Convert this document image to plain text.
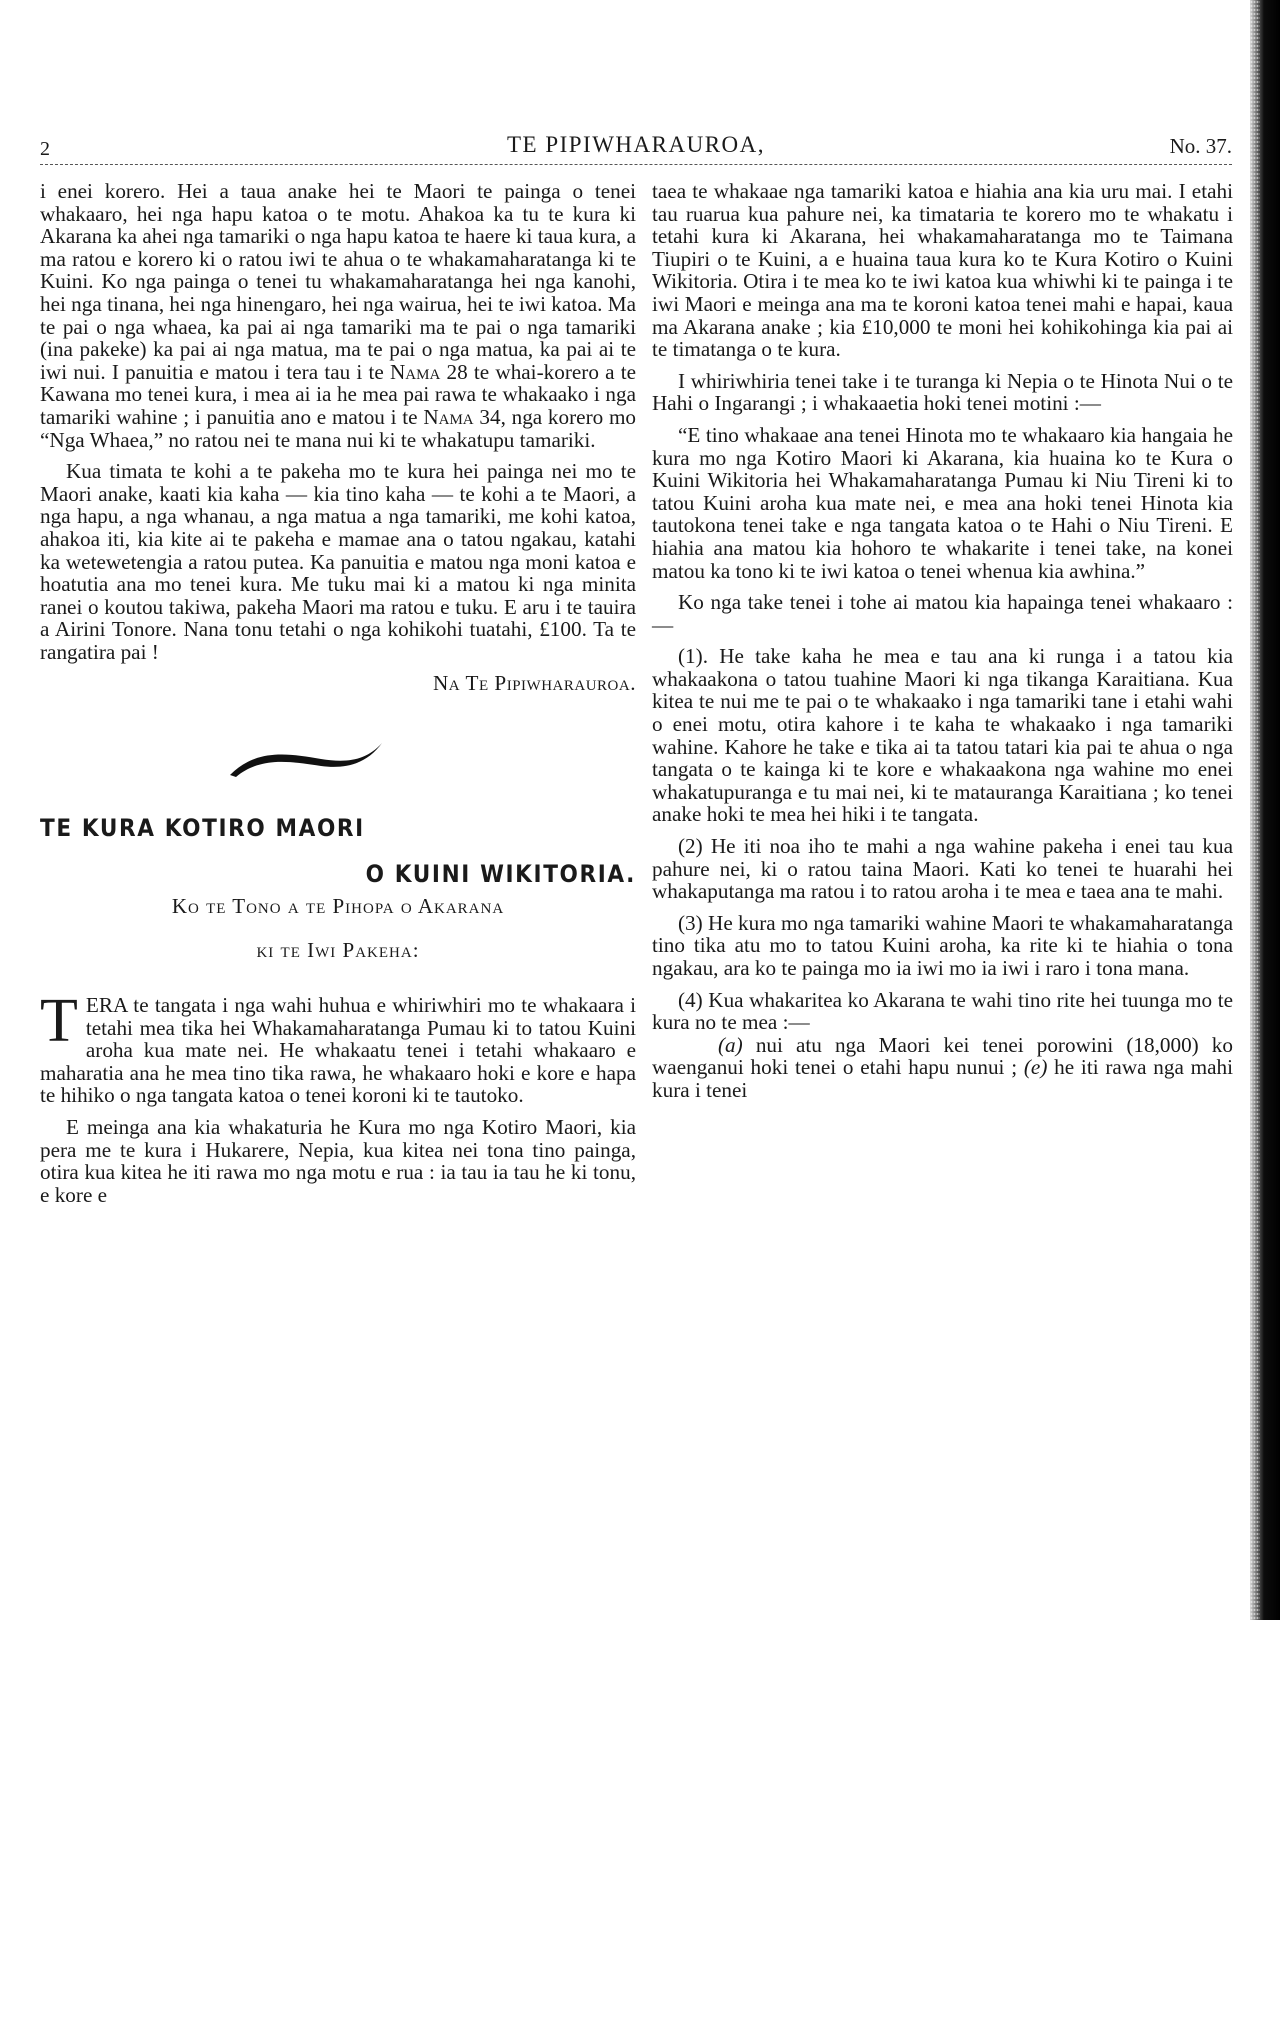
2	TE PIPIWHARAUROA,	No. 37.

i enei korero. Hei a taua anake hei te Maori te painga o tenei whakaaro, hei nga hapu katoa o te motu. Ahakoa ka tu te kura ki Akarana ka ahei nga tamariki o nga hapu katoa te haere ki taua kura, a ma ratou e korero ki o ratou iwi te ahua o te whakamaharatanga ki te Kuini. Ko nga painga o tenei tu whakamaharatanga hei nga kanohi, hei nga tinana, hei nga hinengaro, hei nga wairua, hei te iwi katoa. Ma te pai o nga whaea, ka pai ai nga tamariki ma te pai o nga tamariki (ina pakeke) ka pai ai nga matua, ma te pai o nga matua, ka pai ai te iwi nui. I panuitia e matou i tera tau i te Nama 28 te whai-korero a te Kawana mo tenei kura, i mea ai ia he mea pai rawa te whakaako i nga tamariki wahine ; i panuitia ano e matou i te Nama 34, nga korero mo “Nga Whaea,” no ratou nei te mana nui ki te whakatupu tamariki.

Kua timata te kohi a te pakeha mo te kura hei painga nei mo te Maori anake, kaati kia kaha — kia tino kaha — te kohi a te Maori, a nga hapu, a nga whanau, a nga matua a nga tamariki, me kohi katoa, ahakoa iti, kia kite ai te pakeha e mamae ana o tatou ngakau, katahi ka wetewetengia a ratou putea. Ka panuitia e matou nga moni katoa e hoatutia ana mo tenei kura. Me tuku mai ki a matou ki nga minita ranei o koutou takiwa, pakeha Maori ma ratou e tuku. E aru i te tauira a Airini Tonore. Nana tonu tetahi o nga kohikohi tuatahi, £100. Ta te rangatira pai !

Na Te Pipiwharauroa.

TE KURA KOTIRO MAORI
O KUINI WIKITORIA.

Ko te Tono a te Pihopa o Akarana

ki te Iwi Pakeha:

TERA te tangata i nga wahi huhua e whiriwhiri mo te whakaara i tetahi mea tika hei Whakamaharatanga Pumau ki to tatou Kuini aroha kua mate nei. He whakaatu tenei i tetahi whakaaro e maharatia ana he mea tino tika rawa, he whakaaro hoki e kore e hapa te hihiko o nga tangata katoa o tenei koroni ki te tautoko.

E meinga ana kia whakaturia he Kura mo nga Kotiro Maori, kia pera me te kura i Hukarere, Nepia, kua kitea nei tona tino painga, otira kua kitea he iti rawa mo nga motu e rua : ia tau ia tau he ki tonu, e kore e

taea te whakaae nga tamariki katoa e hiahia ana kia uru mai. I etahi tau ruarua kua pahure nei, ka timataria te korero mo te whakatu i tetahi kura ki Akarana, hei whakamaharatanga mo te Taimana Tiupiri o te Kuini, a e huaina taua kura ko te Kura Kotiro o Kuini Wikitoria. Otira i te mea ko te iwi katoa kua whiwhi ki te painga i te iwi Maori e meinga ana ma te koroni katoa tenei mahi e hapai, kaua ma Akarana anake ; kia £10,000 te moni hei kohikohinga kia pai ai te timatanga o te kura.

I whiriwhiria tenei take i te turanga ki Nepia o te Hinota Nui o te Hahi o Ingarangi ; i whakaaetia hoki tenei motini :—

“E tino whakaae ana tenei Hinota mo te whakaaro kia hangaia he kura mo nga Kotiro Maori ki Akarana, kia huaina ko te Kura o Kuini Wikitoria hei Whakamaharatanga Pumau ki Niu Tireni ki to tatou Kuini aroha kua mate nei, e mea ana hoki tenei Hinota kia tautokona tenei take e nga tangata katoa o te Hahi o Niu Tireni. E hiahia ana matou kia hohoro te whakarite i tenei take, na konei matou ka tono ki te iwi katoa o tenei whenua kia awhina.”

Ko nga take tenei i tohe ai matou kia hapainga tenei whakaaro :—

(1). He take kaha he mea e tau ana ki runga i a tatou kia whakaakona o tatou tuahine Maori ki nga tikanga Karaitiana. Kua kitea te nui me te pai o te whakaako i nga tamariki tane i etahi wahi o enei motu, otira kahore i te kaha te whakaako i nga tamariki wahine. Kahore he take e tika ai ta tatou tatari kia pai te ahua o nga tangata o te kainga ki te kore e whakaakona nga wahine mo enei whakatupuranga e tu mai nei, ki te matauranga Karaitiana ; ko tenei anake hoki te mea hei hiki i te tangata.

(2) He iti noa iho te mahi a nga wahine pakeha i enei tau kua pahure nei, ki o ratou taina Maori. Kati ko tenei te huarahi hei whakaputanga ma ratou i to ratou aroha i te mea e taea ana te mahi.

(3) He kura mo nga tamariki wahine Maori te whakamaharatanga tino tika atu mo to tatou Kuini aroha, ka rite ki te hiahia o tona ngakau, ara ko te painga mo ia iwi mo ia iwi i raro i tona mana.

(4) Kua whakaritea ko Akarana te wahi tino rite hei tuunga mo te kura no te mea :—

(a) nui atu nga Maori kei tenei porowini (18,000) ko waenganui hoki tenei o etahi hapu nunui ; (e) he iti rawa nga mahi kura i tenei
